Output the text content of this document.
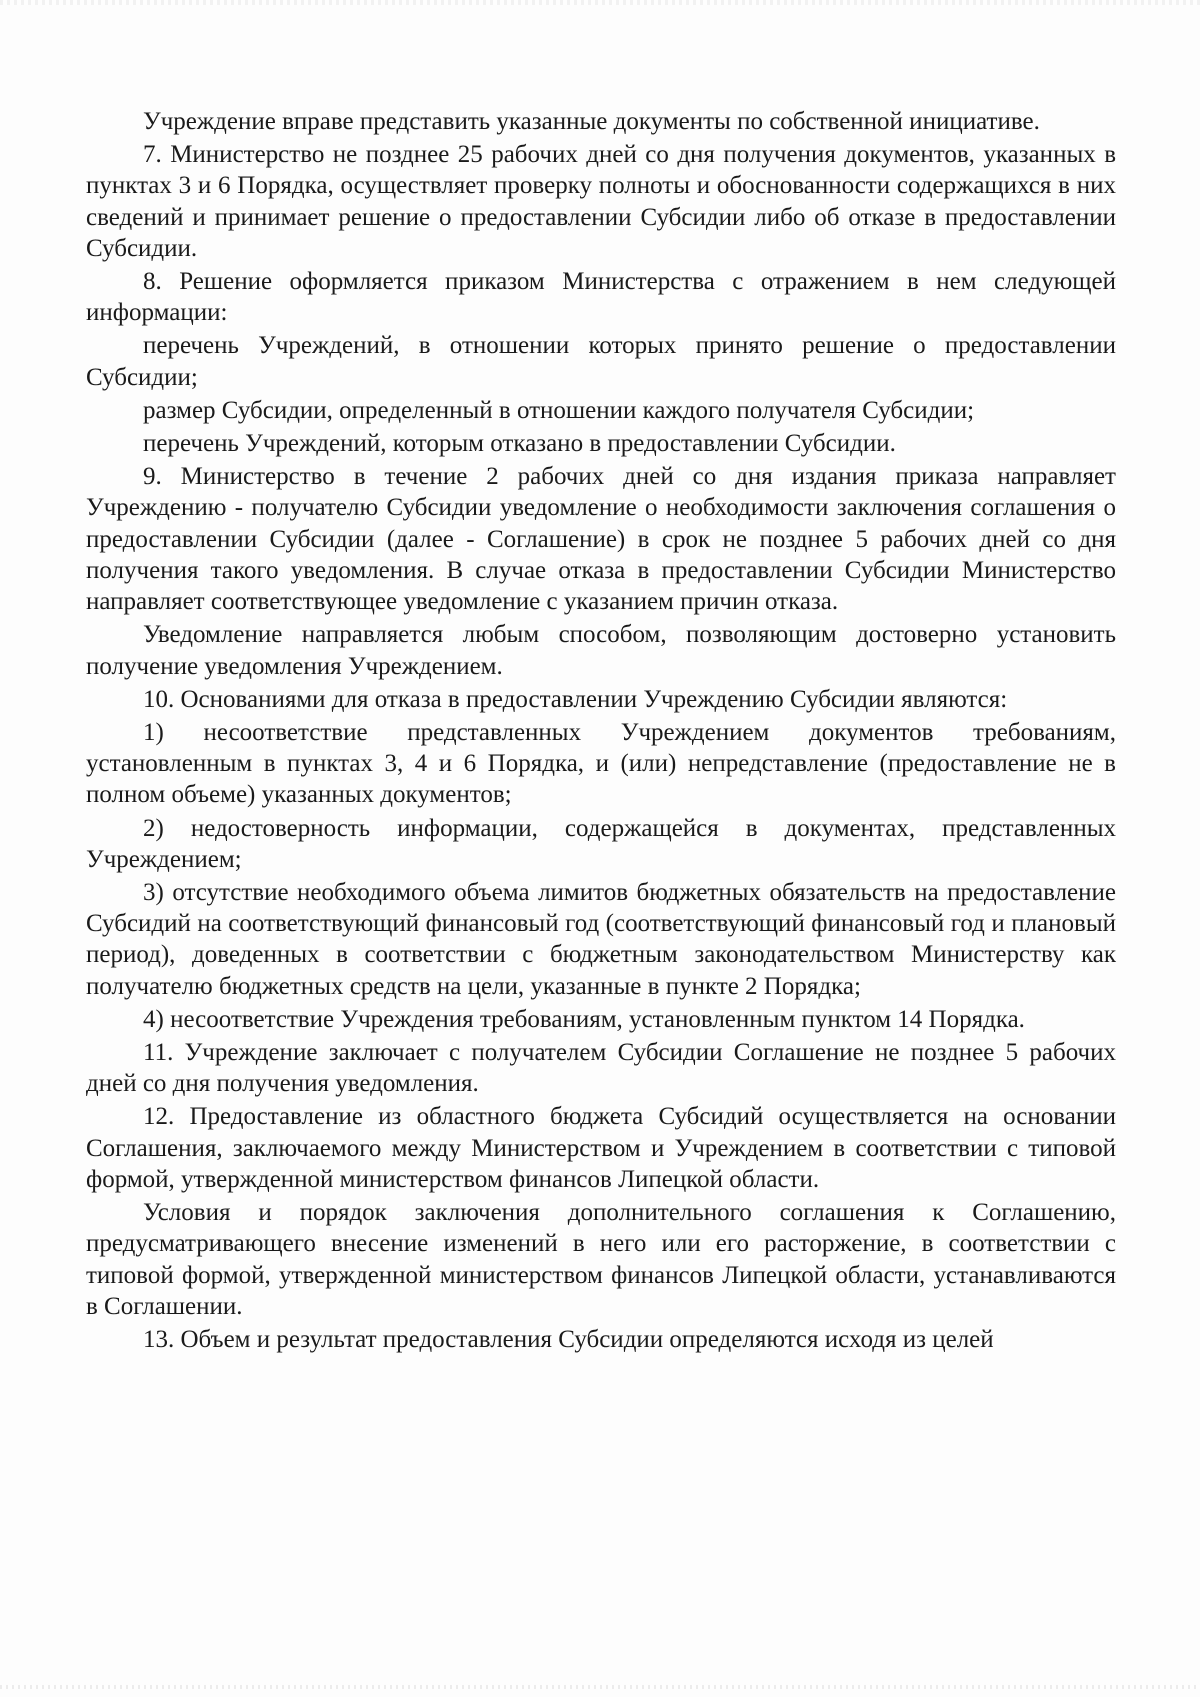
Учреждение вправе представить указанные документы по собственной инициативе.

7. Министерство не позднее 25 рабочих дней со дня получения документов, указанных в пунктах 3 и 6 Порядка, осуществляет проверку полноты и обоснованности содержащихся в них сведений и принимает решение о предоставлении Субсидии либо об отказе в предоставлении Субсидии.

8. Решение оформляется приказом Министерства с отражением в нем следующей информации:

перечень Учреждений, в отношении которых принято решение о предоставлении Субсидии;

размер Субсидии, определенный в отношении каждого получателя Субсидии;

перечень Учреждений, которым отказано в предоставлении Субсидии.

9. Министерство в течение 2 рабочих дней со дня издания приказа направляет Учреждению - получателю Субсидии уведомление о необходимости заключения соглашения о предоставлении Субсидии (далее - Соглашение) в срок не позднее 5 рабочих дней со дня получения такого уведомления. В случае отказа в предоставлении Субсидии Министерство направляет соответствующее уведомление с указанием причин отказа.

Уведомление направляется любым способом, позволяющим достоверно установить получение уведомления Учреждением.

10. Основаниями для отказа в предоставлении Учреждению Субсидии являются:

1) несоответствие представленных Учреждением документов требованиям, установленным в пунктах 3, 4 и 6 Порядка, и (или) непредставление (предоставление не в полном объеме) указанных документов;

2) недостоверность информации, содержащейся в документах, представленных Учреждением;

3) отсутствие необходимого объема лимитов бюджетных обязательств на предоставление Субсидий на соответствующий финансовый год (соответствующий финансовый год и плановый период), доведенных в соответствии с бюджетным законодательством Министерству как получателю бюджетных средств на цели, указанные в пункте 2 Порядка;

4) несоответствие Учреждения требованиям, установленным пунктом 14 Порядка.

11. Учреждение заключает с получателем Субсидии Соглашение не позднее 5 рабочих дней со дня получения уведомления.

12. Предоставление из областного бюджета Субсидий осуществляется на основании Соглашения, заключаемого между Министерством и Учреждением в соответствии с типовой формой, утвержденной министерством финансов Липецкой области.

Условия и порядок заключения дополнительного соглашения к Соглашению, предусматривающего внесение изменений в него или его расторжение, в соответствии с типовой формой, утвержденной министерством финансов Липецкой области, устанавливаются в Соглашении.

13. Объем и результат предоставления Субсидии определяются исходя из целей
